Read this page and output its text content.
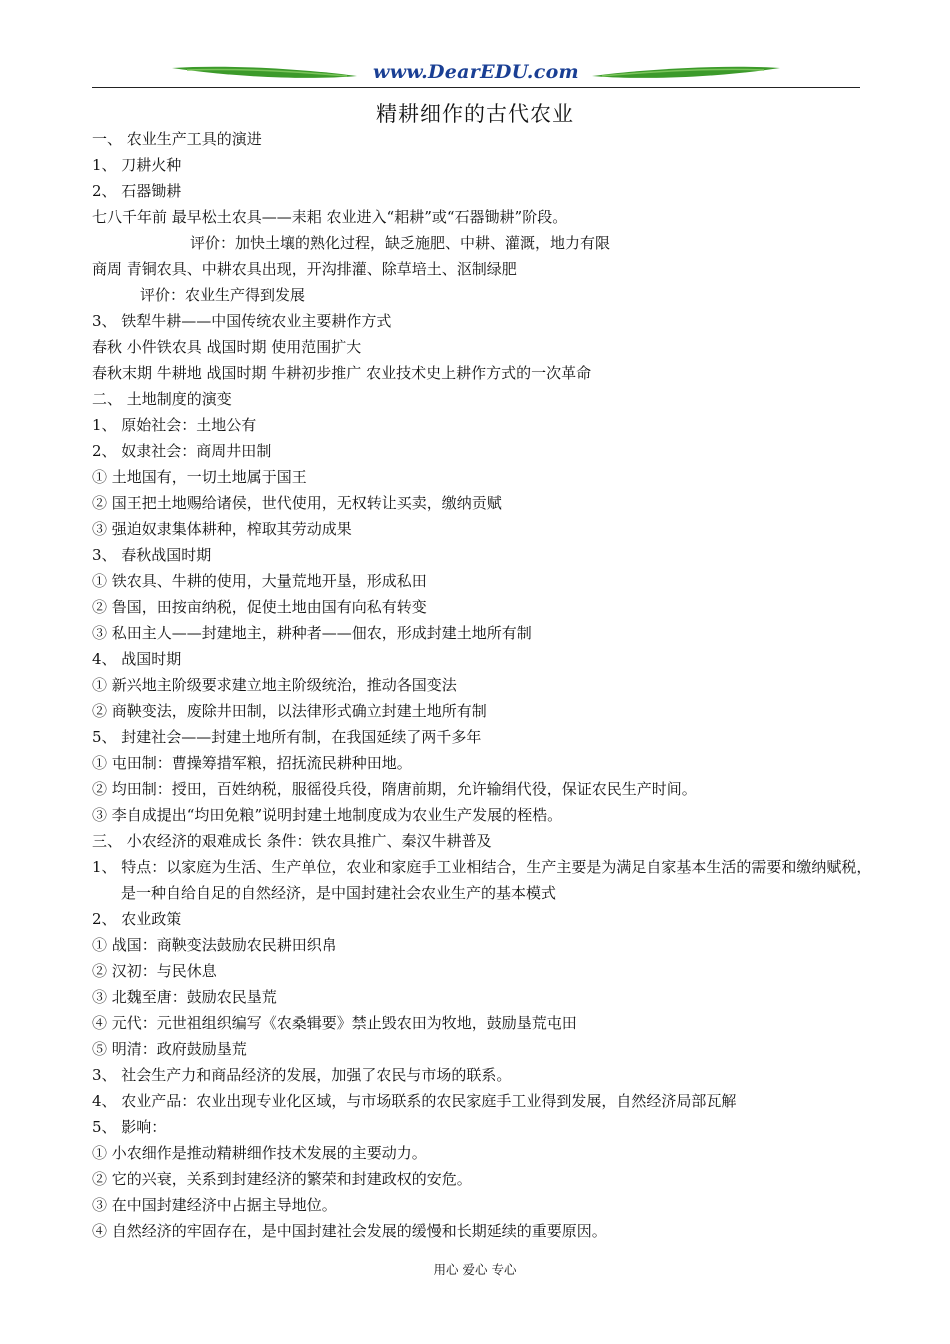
www.DearEDU.com
精耕细作的古代农业
一、 农业生产工具的演进
1、 刀耕火种
2、 石器锄耕
七八千年前 最早松土农具——耒耜 农业进入“耜耕”或“石器锄耕”阶段。
评价：加快土壤的熟化过程，缺乏施肥、中耕、灌溉，地力有限
商周 青铜农具、中耕农具出现，开沟排灌、除草培土、沤制绿肥
评价：农业生产得到发展
3、 铁犁牛耕——中国传统农业主要耕作方式
春秋 小件铁农具 战国时期 使用范围扩大
春秋末期 牛耕地 战国时期 牛耕初步推广 农业技术史上耕作方式的一次革命
二、 土地制度的演变
1、 原始社会：土地公有
2、 奴隶社会：商周井田制
① 土地国有，一切土地属于国王
② 国王把土地赐给诸侯，世代使用，无权转让买卖，缴纳贡赋
③ 强迫奴隶集体耕种，榨取其劳动成果
3、 春秋战国时期
① 铁农具、牛耕的使用，大量荒地开垦，形成私田
② 鲁国，田按亩纳税，促使土地由国有向私有转变
③ 私田主人——封建地主，耕种者——佃农，形成封建土地所有制
4、 战国时期
① 新兴地主阶级要求建立地主阶级统治，推动各国变法
② 商鞅变法，废除井田制，以法律形式确立封建土地所有制
5、 封建社会——封建土地所有制，在我国延续了两千多年
① 屯田制：曹操筹措军粮，招抚流民耕种田地。
② 均田制：授田，百姓纳税，服徭役兵役，隋唐前期，允许输绢代役，保证农民生产时间。
③ 李自成提出“均田免粮”说明封建土地制度成为农业生产发展的桎梏。
三、 小农经济的艰难成长 条件：铁农具推广、秦汉牛耕普及
1、 特点：以家庭为生活、生产单位，农业和家庭手工业相结合，生产主要是为满足自家基本生活的需要和缴纳赋税，是一种自给自足的自然经济，是中国封建社会农业生产的基本模式
2、 农业政策
① 战国：商鞅变法鼓励农民耕田织帛
② 汉初：与民休息
③ 北魏至唐：鼓励农民垦荒
④ 元代：元世祖组织编写《农桑辑要》禁止毁农田为牧地，鼓励垦荒屯田
⑤ 明清：政府鼓励垦荒
3、 社会生产力和商品经济的发展，加强了农民与市场的联系。
4、 农业产品：农业出现专业化区域，与市场联系的农民家庭手工业得到发展，自然经济局部瓦解
5、 影响：
① 小农细作是推动精耕细作技术发展的主要动力。
② 它的兴衰，关系到封建经济的繁荣和封建政权的安危。
③ 在中国封建经济中占据主导地位。
④ 自然经济的牢固存在，是中国封建社会发展的缓慢和长期延续的重要原因。
用心 爱心 专心
